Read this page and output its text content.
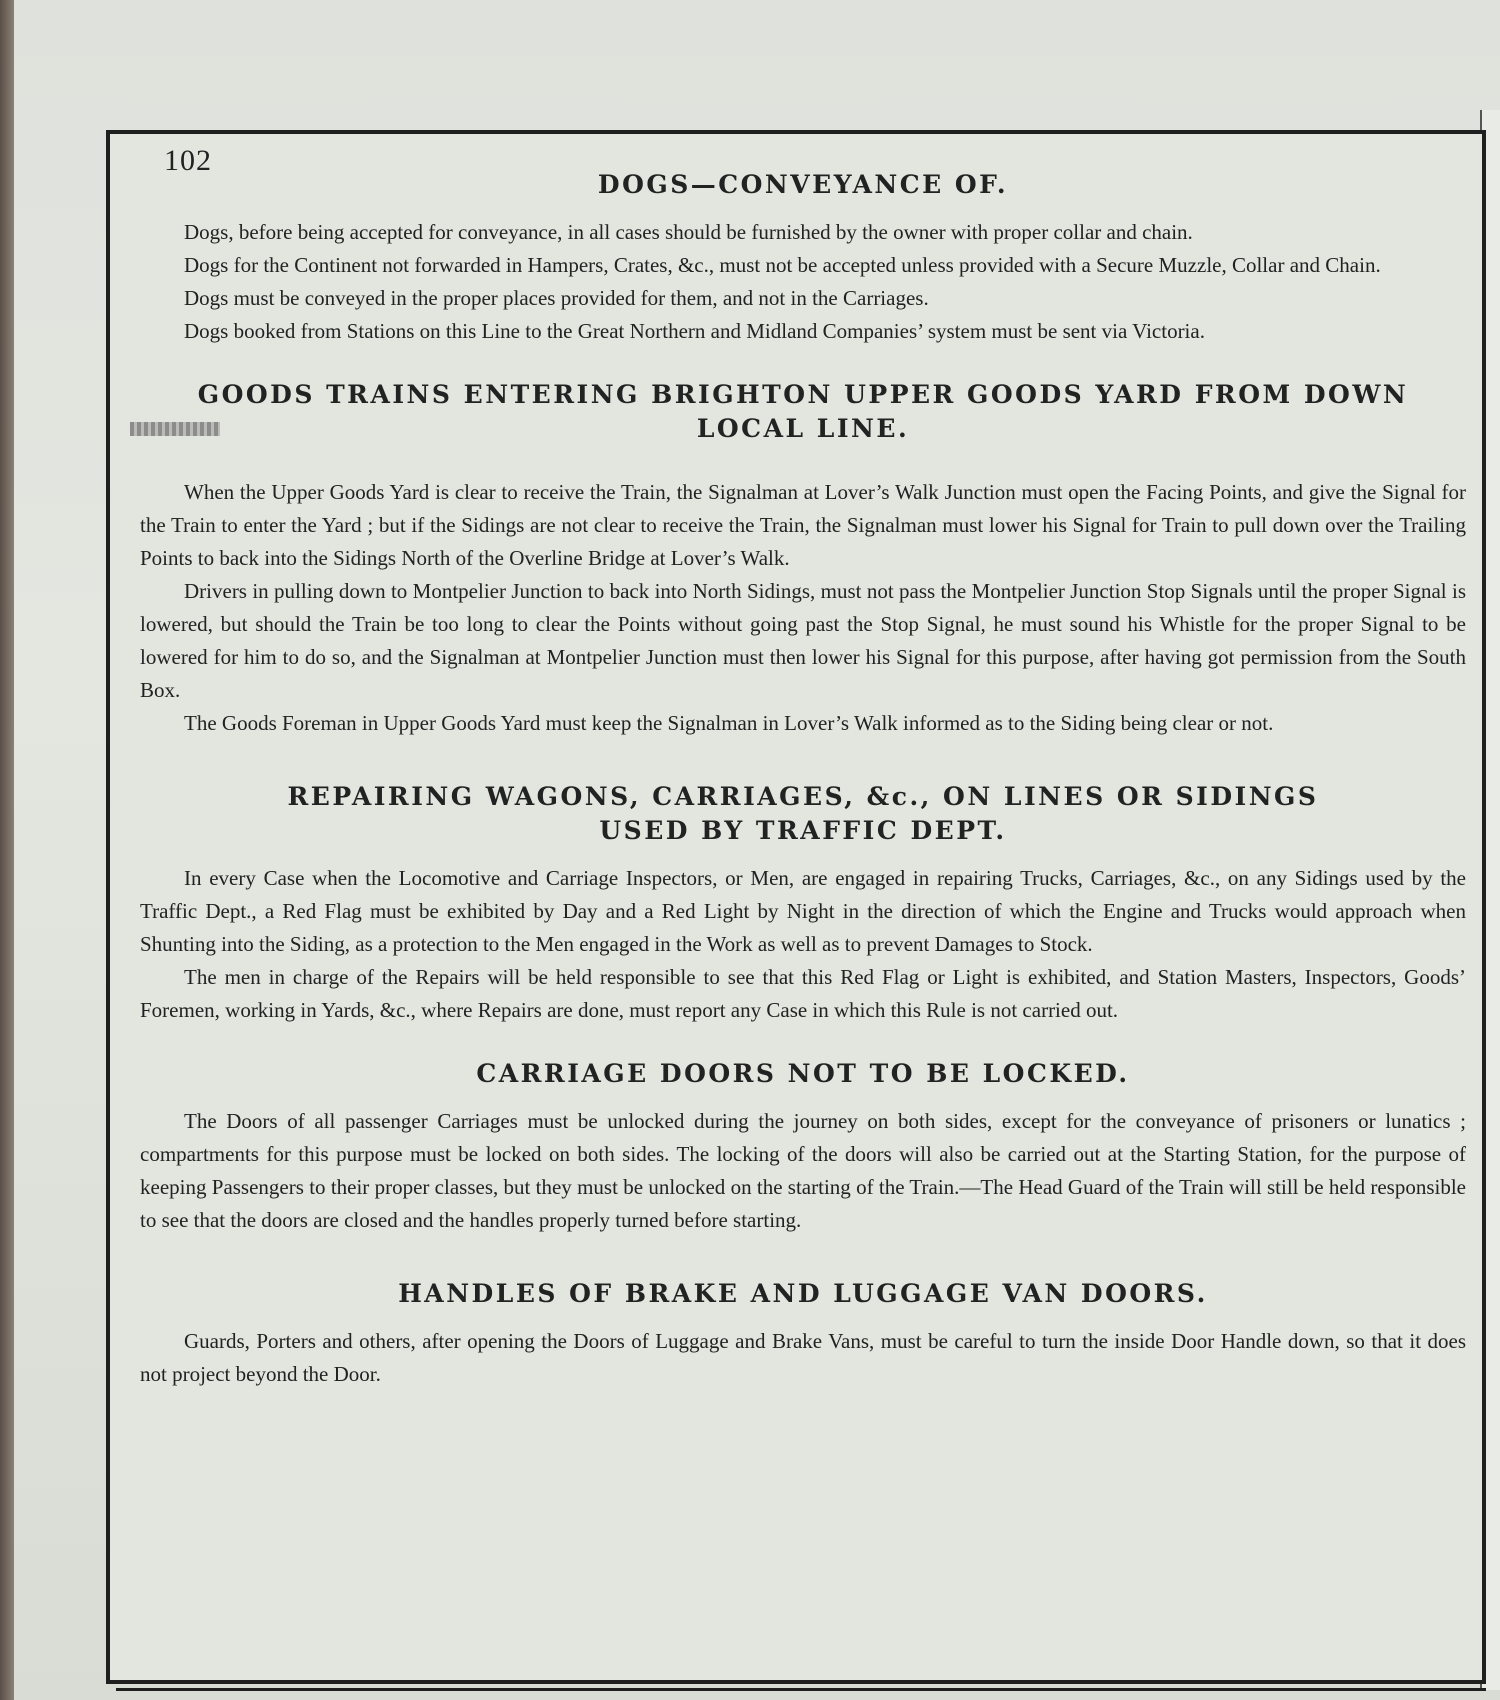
102
DOGS—CONVEYANCE OF.

Dogs, before being accepted for conveyance, in all cases should be furnished by the owner with proper collar and chain.

Dogs for the Continent not forwarded in Hampers, Crates, &c., must not be accepted unless provided with a Secure Muzzle, Collar and Chain.

Dogs must be conveyed in the proper places provided for them, and not in the Carriages.

Dogs booked from Stations on this Line to the Great Northern and Midland Companies’ system must be sent via Victoria.

GOODS TRAINS ENTERING BRIGHTON UPPER GOODS YARD FROM DOWN
LOCAL LINE.

When the Upper Goods Yard is clear to receive the Train, the Signalman at Lover’s Walk Junction must open the Facing Points, and give the Signal for the Train to enter the Yard ; but if the Sidings are not clear to receive the Train, the Signalman must lower his Signal for Train to pull down over the Trailing Points to back into the Sidings North of the Overline Bridge at Lover’s Walk.

Drivers in pulling down to Montpelier Junction to back into North Sidings, must not pass the Montpelier Junction Stop Signals until the proper Signal is lowered, but should the Train be too long to clear the Points without going past the Stop Signal, he must sound his Whistle for the proper Signal to be lowered for him to do so, and the Signalman at Montpelier Junction must then lower his Signal for this purpose, after having got permission from the South Box.

The Goods Foreman in Upper Goods Yard must keep the Signalman in Lover’s Walk informed as to the Siding being clear or not.

REPAIRING WAGONS, CARRIAGES, &c., ON LINES OR SIDINGS
USED BY TRAFFIC DEPT.

In every Case when the Locomotive and Carriage Inspectors, or Men, are engaged in repairing Trucks, Carriages, &c., on any Sidings used by the Traffic Dept., a Red Flag must be exhibited by Day and a Red Light by Night in the direction of which the Engine and Trucks would approach when Shunting into the Siding, as a protection to the Men engaged in the Work as well as to prevent Damages to Stock.

The men in charge of the Repairs will be held responsible to see that this Red Flag or Light is exhibited, and Station Masters, Inspectors, Goods’ Foremen, working in Yards, &c., where Repairs are done, must report any Case in which this Rule is not carried out.

CARRIAGE DOORS NOT TO BE LOCKED.

The Doors of all passenger Carriages must be unlocked during the journey on both sides, except for the conveyance of prisoners or lunatics ; compartments for this purpose must be locked on both sides. The locking of the doors will also be carried out at the Starting Station, for the purpose of keeping Passengers to their proper classes, but they must be unlocked on the starting of the Train.—The Head Guard of the Train will still be held responsible to see that the doors are closed and the handles properly turned before starting.

HANDLES OF BRAKE AND LUGGAGE VAN DOORS.

Guards, Porters and others, after opening the Doors of Luggage and Brake Vans, must be careful to turn the inside Door Handle down, so that it does not project beyond the Door.
